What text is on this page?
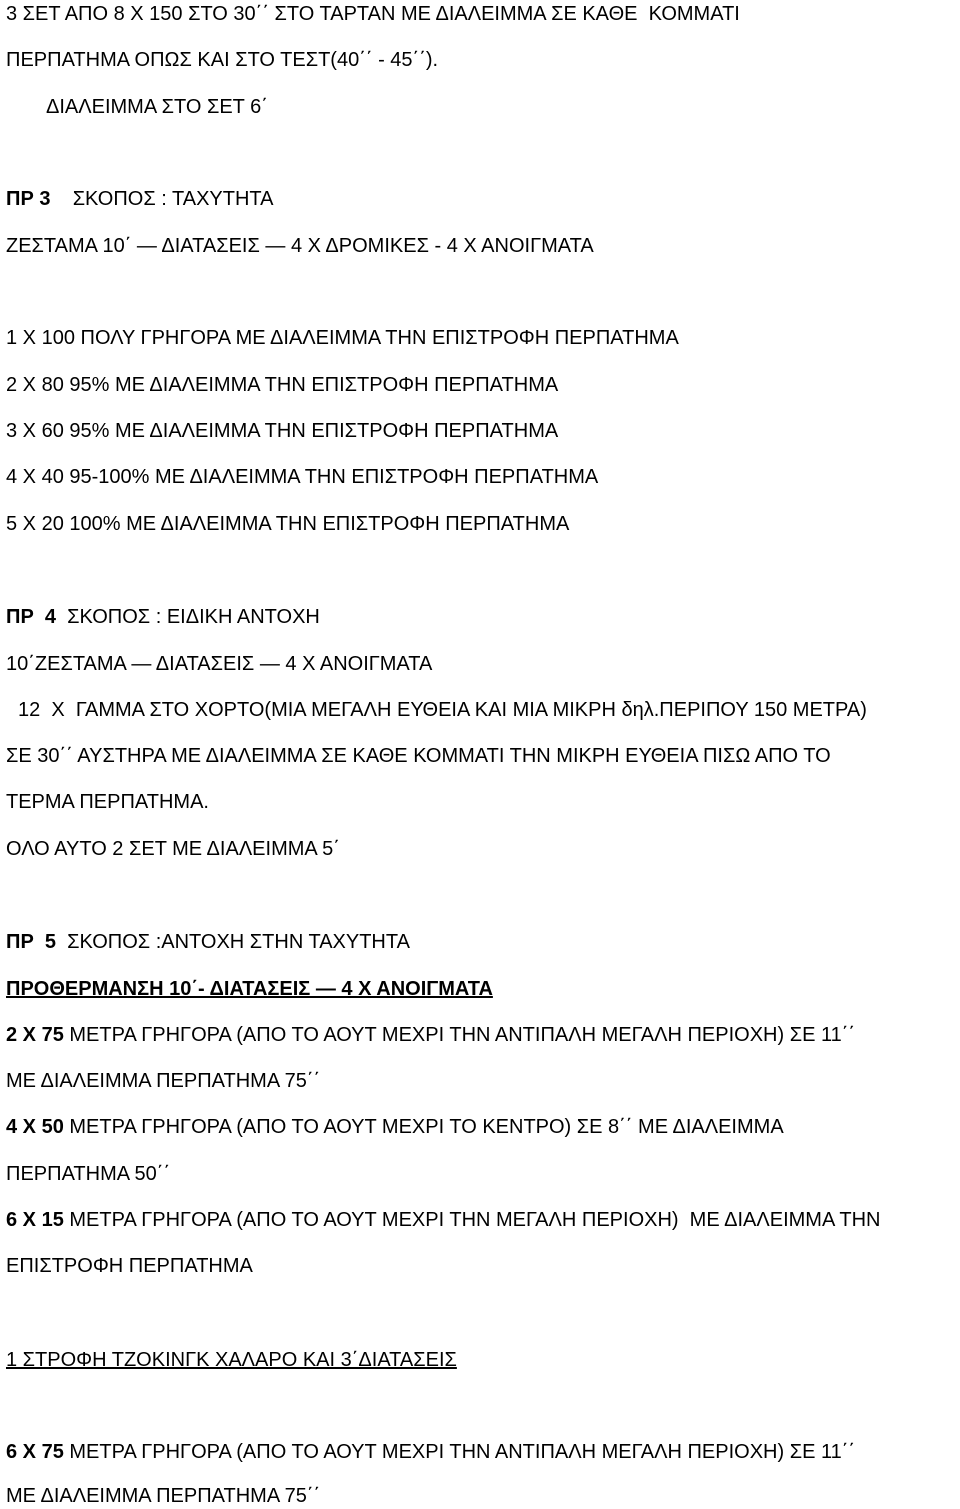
3 ΣΕΤ ΑΠΟ 8 Χ 150 ΣΤΟ 30΄΄ ΣΤΟ ΤΑΡΤΑΝ ΜΕ ΔΙΑΛΕΙΜΜΑ ΣΕ ΚΑΘΕ  ΚΟΜΜΑΤΙ
ΠΕΡΠΑΤΗΜΑ ΟΠΩΣ ΚΑΙ ΣΤΟ ΤΕΣΤ(40΄΄ - 45΄΄).
ΔΙΑΛΕΙΜΜΑ ΣΤΟ ΣΕΤ 6΄
ΠΡ 3    ΣΚΟΠΟΣ : ΤΑΧΥΤΗΤΑ
ΖΕΣΤΑΜΑ 10΄ — ΔΙΑΤΑΣΕΙΣ — 4 Χ ΔΡΟΜΙΚΕΣ - 4 Χ ΑΝΟΙΓΜΑΤΑ
1 Χ 100 ΠΟΛΥ ΓΡΗΓΟΡΑ ΜΕ ΔΙΑΛΕΙΜΜΑ ΤΗΝ ΕΠΙΣΤΡΟΦΗ ΠΕΡΠΑΤΗΜΑ
2 Χ 80 95% ΜΕ ΔΙΑΛΕΙΜΜΑ ΤΗΝ ΕΠΙΣΤΡΟΦΗ ΠΕΡΠΑΤΗΜΑ
3 Χ 60 95% ΜΕ ΔΙΑΛΕΙΜΜΑ ΤΗΝ ΕΠΙΣΤΡΟΦΗ ΠΕΡΠΑΤΗΜΑ
4 Χ 40 95-100% ΜΕ ΔΙΑΛΕΙΜΜΑ ΤΗΝ ΕΠΙΣΤΡΟΦΗ ΠΕΡΠΑΤΗΜΑ
5 Χ 20 100% ΜΕ ΔΙΑΛΕΙΜΜΑ ΤΗΝ ΕΠΙΣΤΡΟΦΗ ΠΕΡΠΑΤΗΜΑ
ΠΡ  4  ΣΚΟΠΟΣ : ΕΙΔΙΚΗ ΑΝΤΟΧΗ
10΄ΖΕΣΤΑΜΑ — ΔΙΑΤΑΣΕΙΣ — 4 Χ ΑΝΟΙΓΜΑΤΑ
12  Χ  ΓΑΜΜΑ ΣΤΟ ΧΟΡΤΟ(ΜΙΑ ΜΕΓΑΛΗ ΕΥΘΕΙΑ ΚΑΙ ΜΙΑ ΜΙΚΡΗ δηλ.ΠΕΡΙΠΟΥ 150 ΜΕΤΡΑ)
ΣΕ 30΄΄ ΑΥΣΤΗΡΑ ΜΕ ΔΙΑΛΕΙΜΜΑ ΣΕ ΚΑΘΕ ΚΟΜΜΑΤΙ ΤΗΝ ΜΙΚΡΗ ΕΥΘΕΙΑ ΠΙΣΩ ΑΠΟ ΤΟ
ΤΕΡΜΑ ΠΕΡΠΑΤΗΜΑ.
ΟΛΟ ΑΥΤΟ 2 ΣΕΤ ΜΕ ΔΙΑΛΕΙΜΜΑ 5΄
ΠΡ  5  ΣΚΟΠΟΣ :ΑΝΤΟΧΗ ΣΤΗΝ ΤΑΧΥΤΗΤΑ
ΠΡΟΘΕΡΜΑΝΣΗ 10΄- ΔΙΑΤΑΣΕΙΣ — 4 Χ ΑΝΟΙΓΜΑΤΑ
2 Χ 75 ΜΕΤΡΑ ΓΡΗΓΟΡΑ (ΑΠΟ ΤΟ ΑΟΥΤ ΜΕΧΡΙ ΤΗΝ ΑΝΤΙΠΑΛΗ ΜΕΓΑΛΗ ΠΕΡΙΟΧΗ) ΣΕ 11΄΄
ΜΕ ΔΙΑΛΕΙΜΜΑ ΠΕΡΠΑΤΗΜΑ 75΄΄
4 Χ 50 ΜΕΤΡΑ ΓΡΗΓΟΡΑ (ΑΠΟ ΤΟ ΑΟΥΤ ΜΕΧΡΙ ΤΟ ΚΕΝΤΡΟ) ΣΕ 8΄΄ ΜΕ ΔΙΑΛΕΙΜΜΑ
ΠΕΡΠΑΤΗΜΑ 50΄΄
6 Χ 15 ΜΕΤΡΑ ΓΡΗΓΟΡΑ (ΑΠΟ ΤΟ ΑΟΥΤ ΜΕΧΡΙ ΤΗΝ ΜΕΓΑΛΗ ΠΕΡΙΟΧΗ)  ΜΕ ΔΙΑΛΕΙΜΜΑ ΤΗΝ
ΕΠΙΣΤΡΟΦΗ ΠΕΡΠΑΤΗΜΑ
1 ΣΤΡΟΦΗ ΤΖΟΚΙΝΓΚ ΧΑΛΑΡΟ ΚΑΙ 3΄ΔΙΑΤΑΣΕΙΣ
6 Χ 75 ΜΕΤΡΑ ΓΡΗΓΟΡΑ (ΑΠΟ ΤΟ ΑΟΥΤ ΜΕΧΡΙ ΤΗΝ ΑΝΤΙΠΑΛΗ ΜΕΓΑΛΗ ΠΕΡΙΟΧΗ) ΣΕ 11΄΄
ΜΕ ΔΙΑΛΕΙΜΜΑ ΠΕΡΠΑΤΗΜΑ 75΄΄
